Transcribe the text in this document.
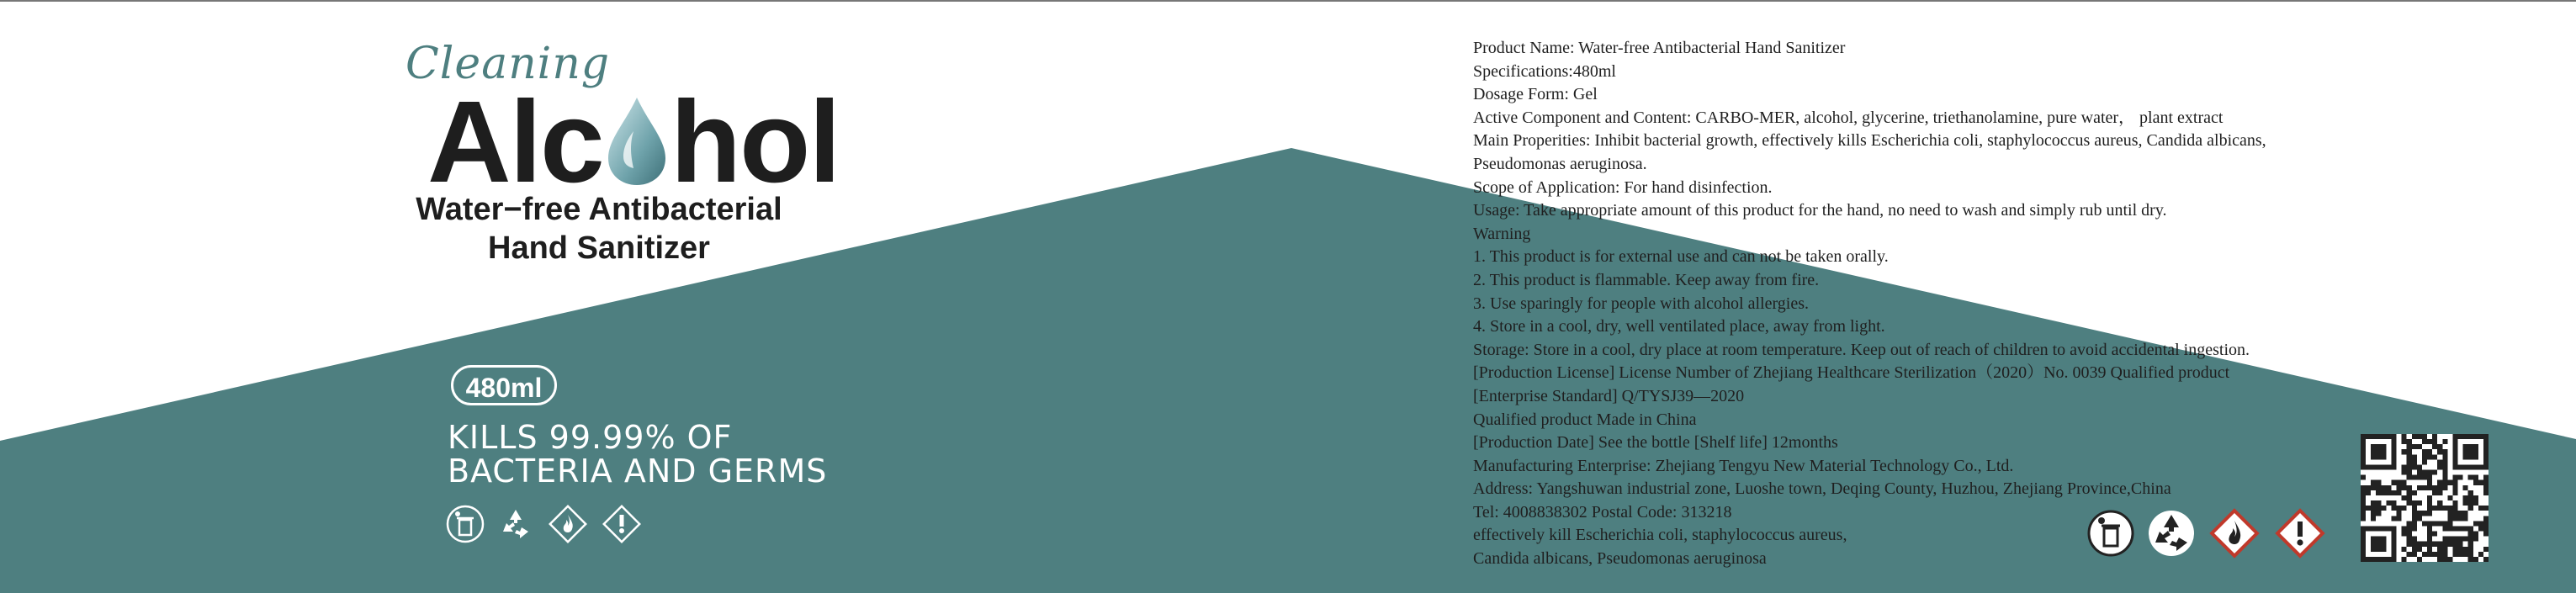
Cleaning
Alc hol
Water−free Antibacterial
Hand Sanitizer
480ml
KILLS 99.99% OF
BACTERIA AND GERMS
Product Name: Water-free Antibacterial Hand Sanitizer
Specifications:480ml
Dosage Form: Gel
Active Component and Content: CARBO-MER, alcohol, glycerine, triethanolamine, pure water， plant extract
Main Properities: Inhibit bacterial growth, effectively kills Escherichia coli, staphylococcus aureus, Candida albicans,
Pseudomonas aeruginosa.
Scope of Application: For hand disinfection.
Usage: Take appropriate amount of this product for the hand, no need to wash and simply rub until dry.
Warning
1. This product is for external use and can not be taken orally.
2. This product is flammable. Keep away from fire.
3. Use sparingly for people with alcohol allergies.
4. Store in a cool, dry, well ventilated place, away from light.
Storage: Store in a cool, dry place at room temperature. Keep out of reach of children to avoid accidental ingestion.
[Production License] License Number of Zhejiang Healthcare Sterilization（2020）No. 0039 Qualified product
[Enterprise Standard] Q/TYSJ39—2020
Qualified product Made in China
[Production Date] See the bottle [Shelf life] 12months
Manufacturing Enterprise: Zhejiang Tengyu New Material Technology Co., Ltd.
Address: Yangshuwan industrial zone, Luoshe town, Deqing County, Huzhou, Zhejiang Province,China
Tel: 4008838302 Postal Code: 313218
effectively kill Escherichia coli, staphylococcus aureus,
Candida albicans, Pseudomonas aeruginosa
